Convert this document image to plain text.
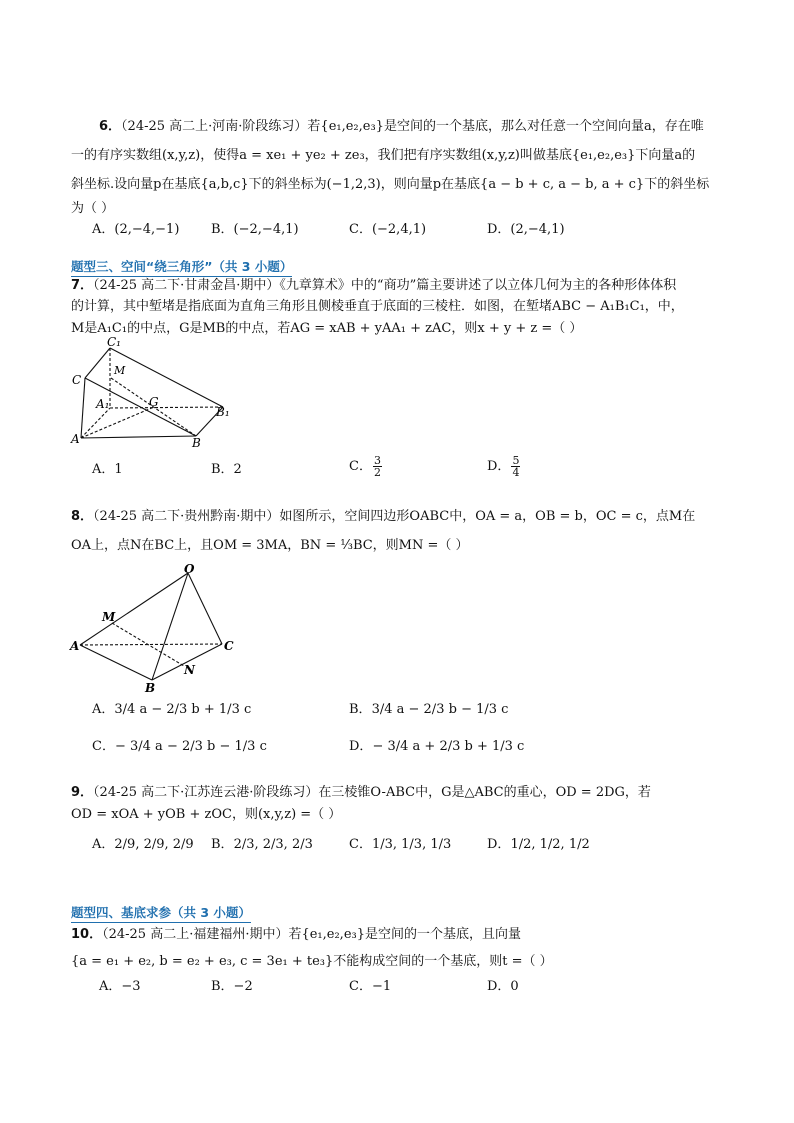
6．（24-25 高二上·河南·阶段练习）若{e₁,e₂,e₃}是空间的一个基底，那么对任意一个空间向量a，存在唯
一的有序实数组(x,y,z)，使得a = xe₁ + ye₂ + ze₃，我们把有序实数组(x,y,z)叫做基底{e₁,e₂,e₃}下向量a的
斜坐标.设向量p在基底{a,b,c}下的斜坐标为(−1,2,3)，则向量p在基底{a − b + c, a − b, a + c}下的斜坐标
为（ ）
A．(2,−4,−1) B．(−2,−4,1)	C．(−2,4,1)	D．(2,−4,1)
题型三、空间“绕三角形”（共 3 小题）
7．（24-25 高二下·甘肃金昌·期中）《九章算术》中的“商功”篇主要讲述了以立体几何为主的各种形体体积
的计算，其中堑堵是指底面为直角三角形且侧棱垂直于底面的三棱柱．如图，在堑堵ABC − A₁B₁C₁，中，
M是A₁C₁的中点，G是MB的中点，若AG = xAB + yAA₁ + zAC，则x + y + z =（ ）
C₁
M
C
A₁	G
B₁
A	B
A．1	B．2	C． $\frac{3}{2}$	D． $\frac{5}{4}$
8．（24-25 高二下·贵州黔南·期中）如图所示，空间四边形OABC中，OA = a，OB = b，OC = c，点M在
OA上，点N在BC上，且OM = 3MA，BN = ⅓BC，则MN =（ ）
O
M
A	C
N
B
A．3/4 a − 2/3 b + 1/3 c	B．3/4 a − 2/3 b − 1/3 c
C．− 3/4 a − 2/3 b − 1/3 c	D．− 3/4 a + 2/3 b + 1/3 c
9．（24-25 高二下·江苏连云港·阶段练习）在三棱锥O-ABC中，G是△ABC的重心，OD = 2DG，若
OD = xOA + yOB + zOC，则(x,y,z) =（ ）
A．2/9, 2/9, 2/9 B．2/3, 2/3, 2/3	C．1/3, 1/3, 1/3	D．1/2, 1/2, 1/2
题型四、基底求参（共 3 小题）
10．（24-25 高二上·福建福州·期中）若{e₁,e₂,e₃}是空间的一个基底，且向量
{a = e₁ + e₂, b = e₂ + e₃, c = 3e₁ + te₃}不能构成空间的一个基底，则t =（ ）
A．−3	B．−2	C．−1	D．0
